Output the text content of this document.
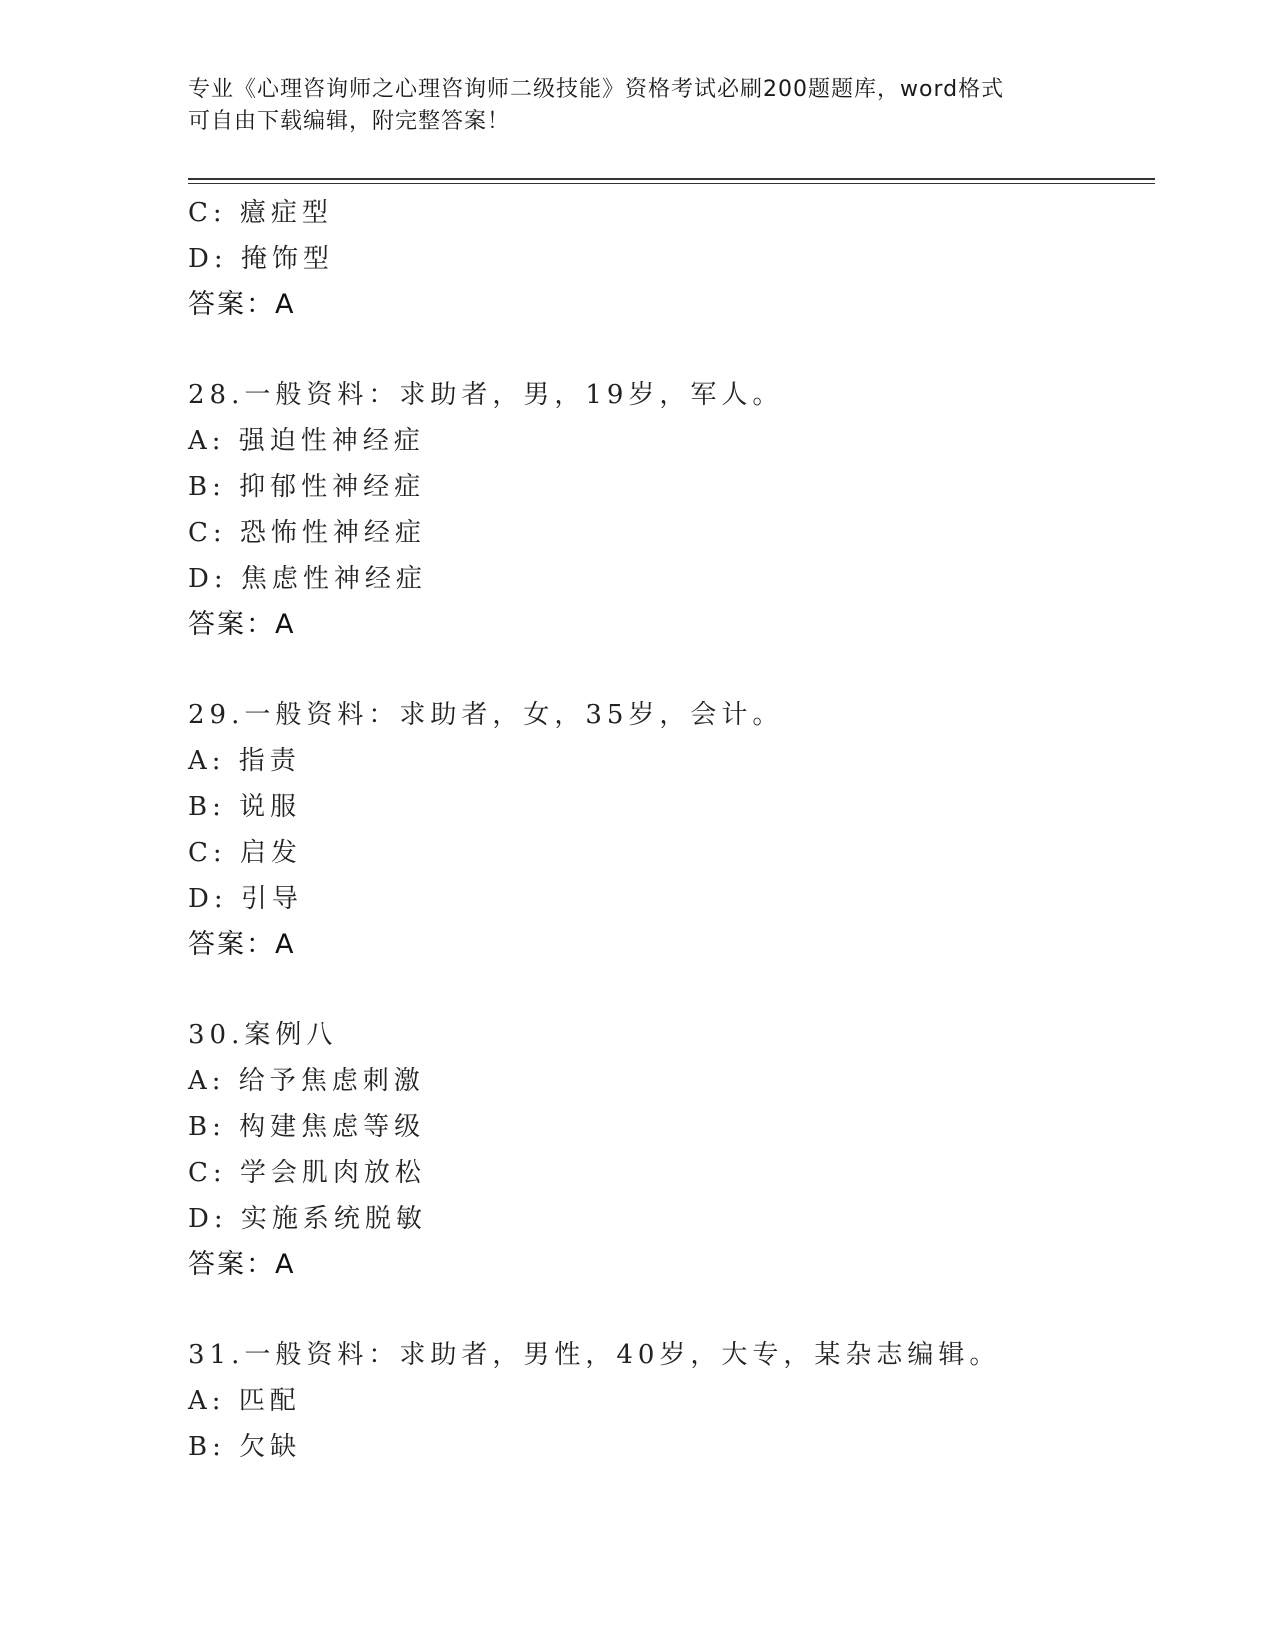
专业《心理咨询师之心理咨询师二级技能》资格考试必刷200题题库，word格式
可自由下载编辑，附完整答案！
C: 癔症型
D: 掩饰型
答案：A
28.一般资料：求助者，男，19岁，军人。
A: 强迫性神经症
B: 抑郁性神经症
C: 恐怖性神经症
D: 焦虑性神经症
答案：A
29.一般资料：求助者，女，35岁，会计。
A: 指责
B: 说服
C: 启发
D: 引导
答案：A
30.案例八
A: 给予焦虑刺激
B: 构建焦虑等级
C: 学会肌肉放松
D: 实施系统脱敏
答案：A
31.一般资料：求助者，男性，40岁，大专，某杂志编辑。
A: 匹配
B: 欠缺
